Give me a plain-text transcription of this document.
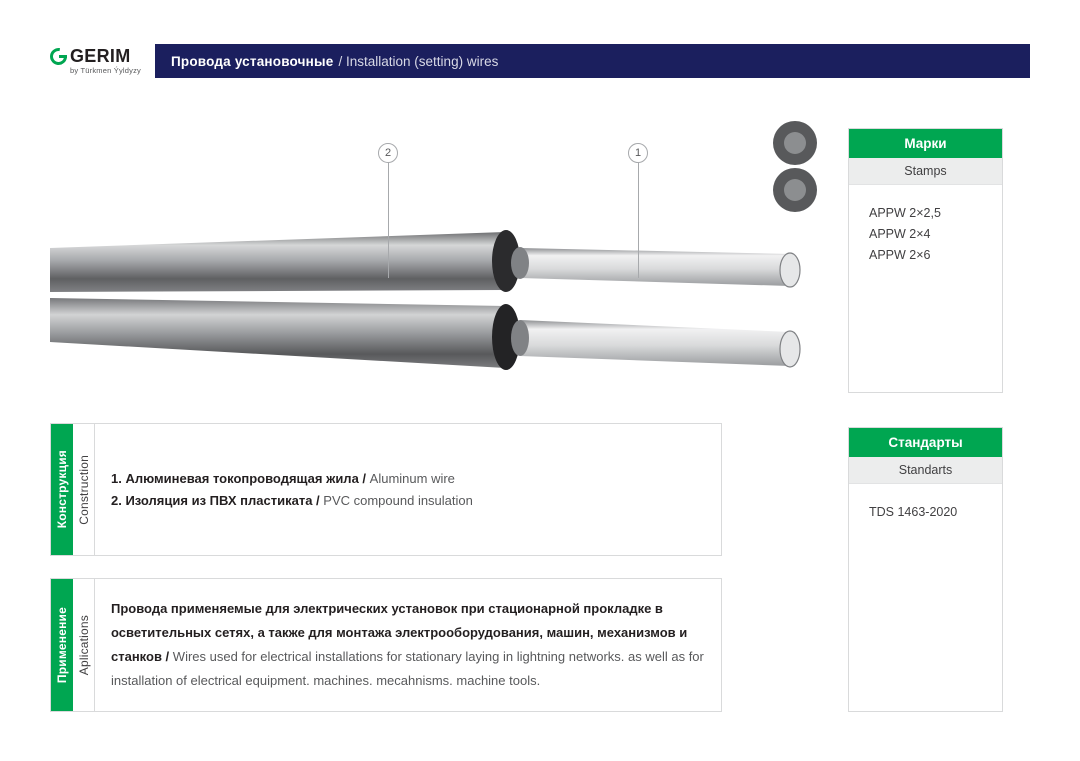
GERIM
by Türkmen Ýyldyzy
Провода установочные / Installation (setting) wires
2	1
Марки
Stamps
APPW 2×2,5
APPW 2×4
APPW 2×6
Стандарты
Standarts
TDS 1463-2020
Конструкция Construction 1. Алюминевая токопроводящая жила / Aluminum wire
2. Изоляция из ПВХ пластиката / PVC compound insulation
Применение Aplications
Провода применяемые для электрических установок при стационарной прокладке в осветительных сетях, а также для монтажа электрооборудования, машин, механизмов и станков / Wires used for electrical installations for stationary laying in lightning networks. as well as for installation of electrical equipment. machines. mecahnisms. machine tools.
